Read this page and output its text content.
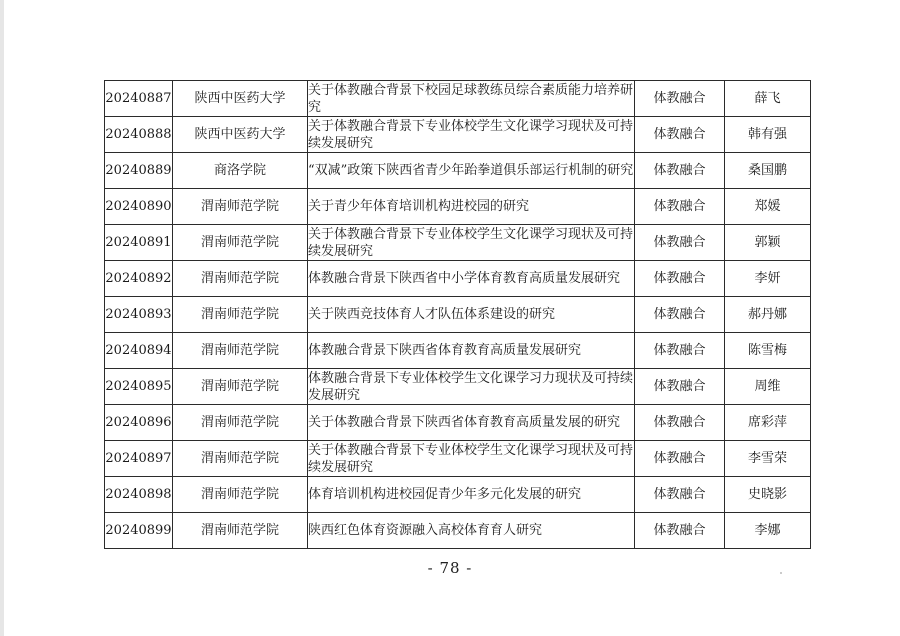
20240887	陕西中医药大学	关于体教融合背景下校园足球教练员综合素质能力培养研究	体教融合	薛飞
20240888	陕西中医药大学	关于体教融合背景下专业体校学生文化课学习现状及可持续发展研究	体教融合	韩有强
20240889	商洛学院	“双减”政策下陕西省青少年跆拳道俱乐部运行机制的研究	体教融合	桑国鹏
20240890	渭南师范学院	关于青少年体育培训机构进校园的研究	体教融合	郑媛
20240891	渭南师范学院	关于体教融合背景下专业体校学生文化课学习现状及可持续发展研究	体教融合	郭颖
20240892	渭南师范学院	体教融合背景下陕西省中小学体育教育高质量发展研究	体教融合	李妍
20240893	渭南师范学院	关于陕西竞技体育人才队伍体系建设的研究	体教融合	郝丹娜
20240894	渭南师范学院	体教融合背景下陕西省体育教育高质量发展研究	体教融合	陈雪梅
20240895	渭南师范学院	体教融合背景下专业体校学生文化课学习力现状及可持续发展研究	体教融合	周维
20240896	渭南师范学院	关于体教融合背景下陕西省体育教育高质量发展的研究	体教融合	席彩萍
20240897	渭南师范学院	关于体教融合背景下专业体校学生文化课学习现状及可持续发展研究	体教融合	李雪荣
20240898	渭南师范学院	体育培训机构进校园促青少年多元化发展的研究	体教融合	史晓影
20240899	渭南师范学院	陕西红色体育资源融入高校体育育人研究	体教融合	李娜
- 78 -
